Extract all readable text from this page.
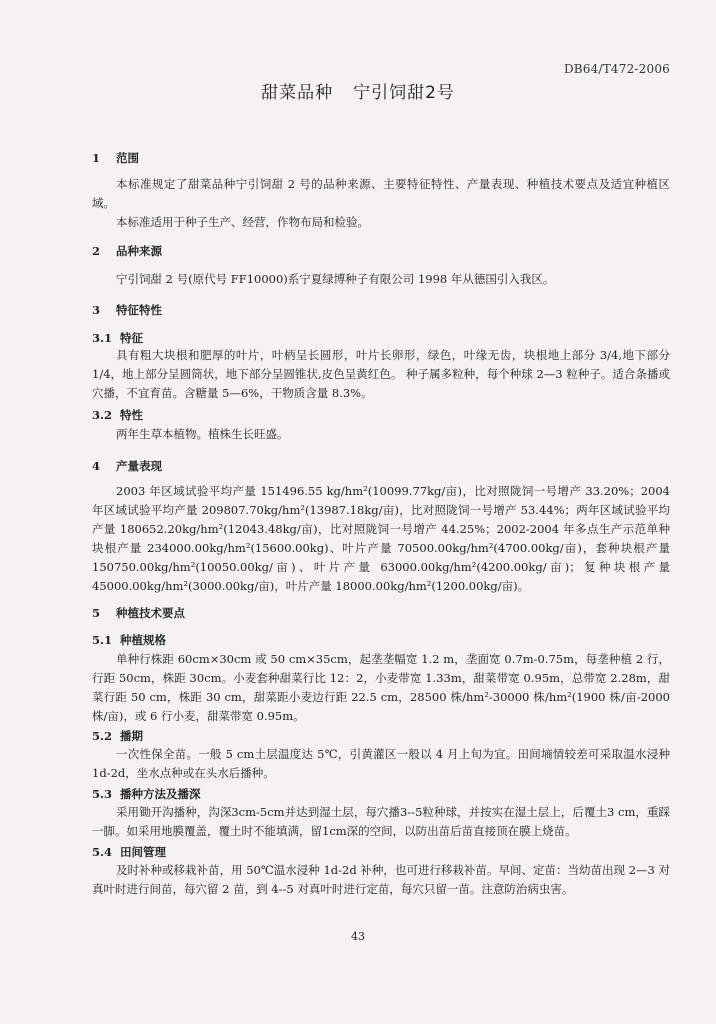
DB64/T472-2006
甜菜品种 宁引饲甜2号
1 范围

本标准规定了甜菜品种宁引饲甜 2 号的品种来源、主要特征特性、产量表现、种植技术要点及适宜种植区域。

本标准适用于种子生产、经营，作物布局和检验。

2 品种来源

宁引饲甜 2 号(原代号 FF10000)系宁夏绿博种子有限公司 1998 年从德国引入我区。

3 特征特性
3.1 特征

具有粗大块根和肥厚的叶片，叶柄呈长圆形，叶片长卵形，绿色，叶缘无齿，块根地上部分 3/4,地下部分 1/4，地上部分呈圆筒状，地下部分呈圆锥状,皮色呈黄红色。 种子属多粒种，每个种球 2—3 粒种子。适合条播或穴播，不宜育苗。含糖量 5—6%，干物质含量 8.3%。

3.2 特性

两年生草本植物。植株生长旺盛。

4 产量表现

2003 年区域试验平均产量 151496.55 kg/hm²(10099.77kg/亩)，比对照陇饲一号增产 33.20%；2004 年区域试验平均产量 209807.70kg/hm²(13987.18kg/亩)，比对照陇饲一号增产 53.44%；两年区域试验平均产量 180652.20kg/hm²(12043.48kg/亩)，比对照陇饲一号增产 44.25%；2002-2004 年多点生产示范单种块根产量 234000.00kg/hm²(15600.00kg)、叶片产量 70500.00kg/hm²(4700.00kg/亩)，套种块根产量 150750.00kg/hm²(10050.00kg/亩)、叶片产量 63000.00kg/hm²(4200.00kg/亩)；复种块根产量 45000.00kg/hm²(3000.00kg/亩)，叶片产量 18000.00kg/hm²(1200.00kg/亩)。

5 种植技术要点
5.1 种植规格

单种行株距 60cm×30cm 或 50 cm×35cm，起垄垄幅宽 1.2 m，垄面宽 0.7m-0.75m，每垄种植 2 行，行距 50cm，株距 30cm。小麦套种甜菜行比 12：2，小麦带宽 1.33m，甜菜带宽 0.95m，总带宽 2.28m，甜菜行距 50 cm，株距 30 cm，甜菜距小麦边行距 22.5 cm，28500 株/hm²-30000 株/hm²(1900 株/亩-2000 株/亩)，或 6 行小麦，甜菜带宽 0.95m。

5.2 播期

一次性保全苗。一般 5 cm土层温度达 5℃，引黄灌区一般以 4 月上旬为宜。田间墒情较差可采取温水浸种 1d-2d，坐水点种或在头水后播种。

5.3 播种方法及播深

采用锄开沟播种，沟深3cm-5cm并达到湿土层，每穴播3--5粒种球，并按实在湿土层上，后覆土3 cm，重踩一脚。如采用地膜覆盖，覆土时不能填满，留1cm深的空间，以防出苗后苗直接顶在膜上烧苗。

5.4 田间管理

及时补种或移栽补苗，用 50℃温水浸种 1d-2d 补种，也可进行移栽补苗。早间、定苗：当幼苗出现 2—3 对真叶时进行间苗，每穴留 2 苗，到 4--5 对真叶时进行定苗，每穴只留一苗。注意防治病虫害。

43
